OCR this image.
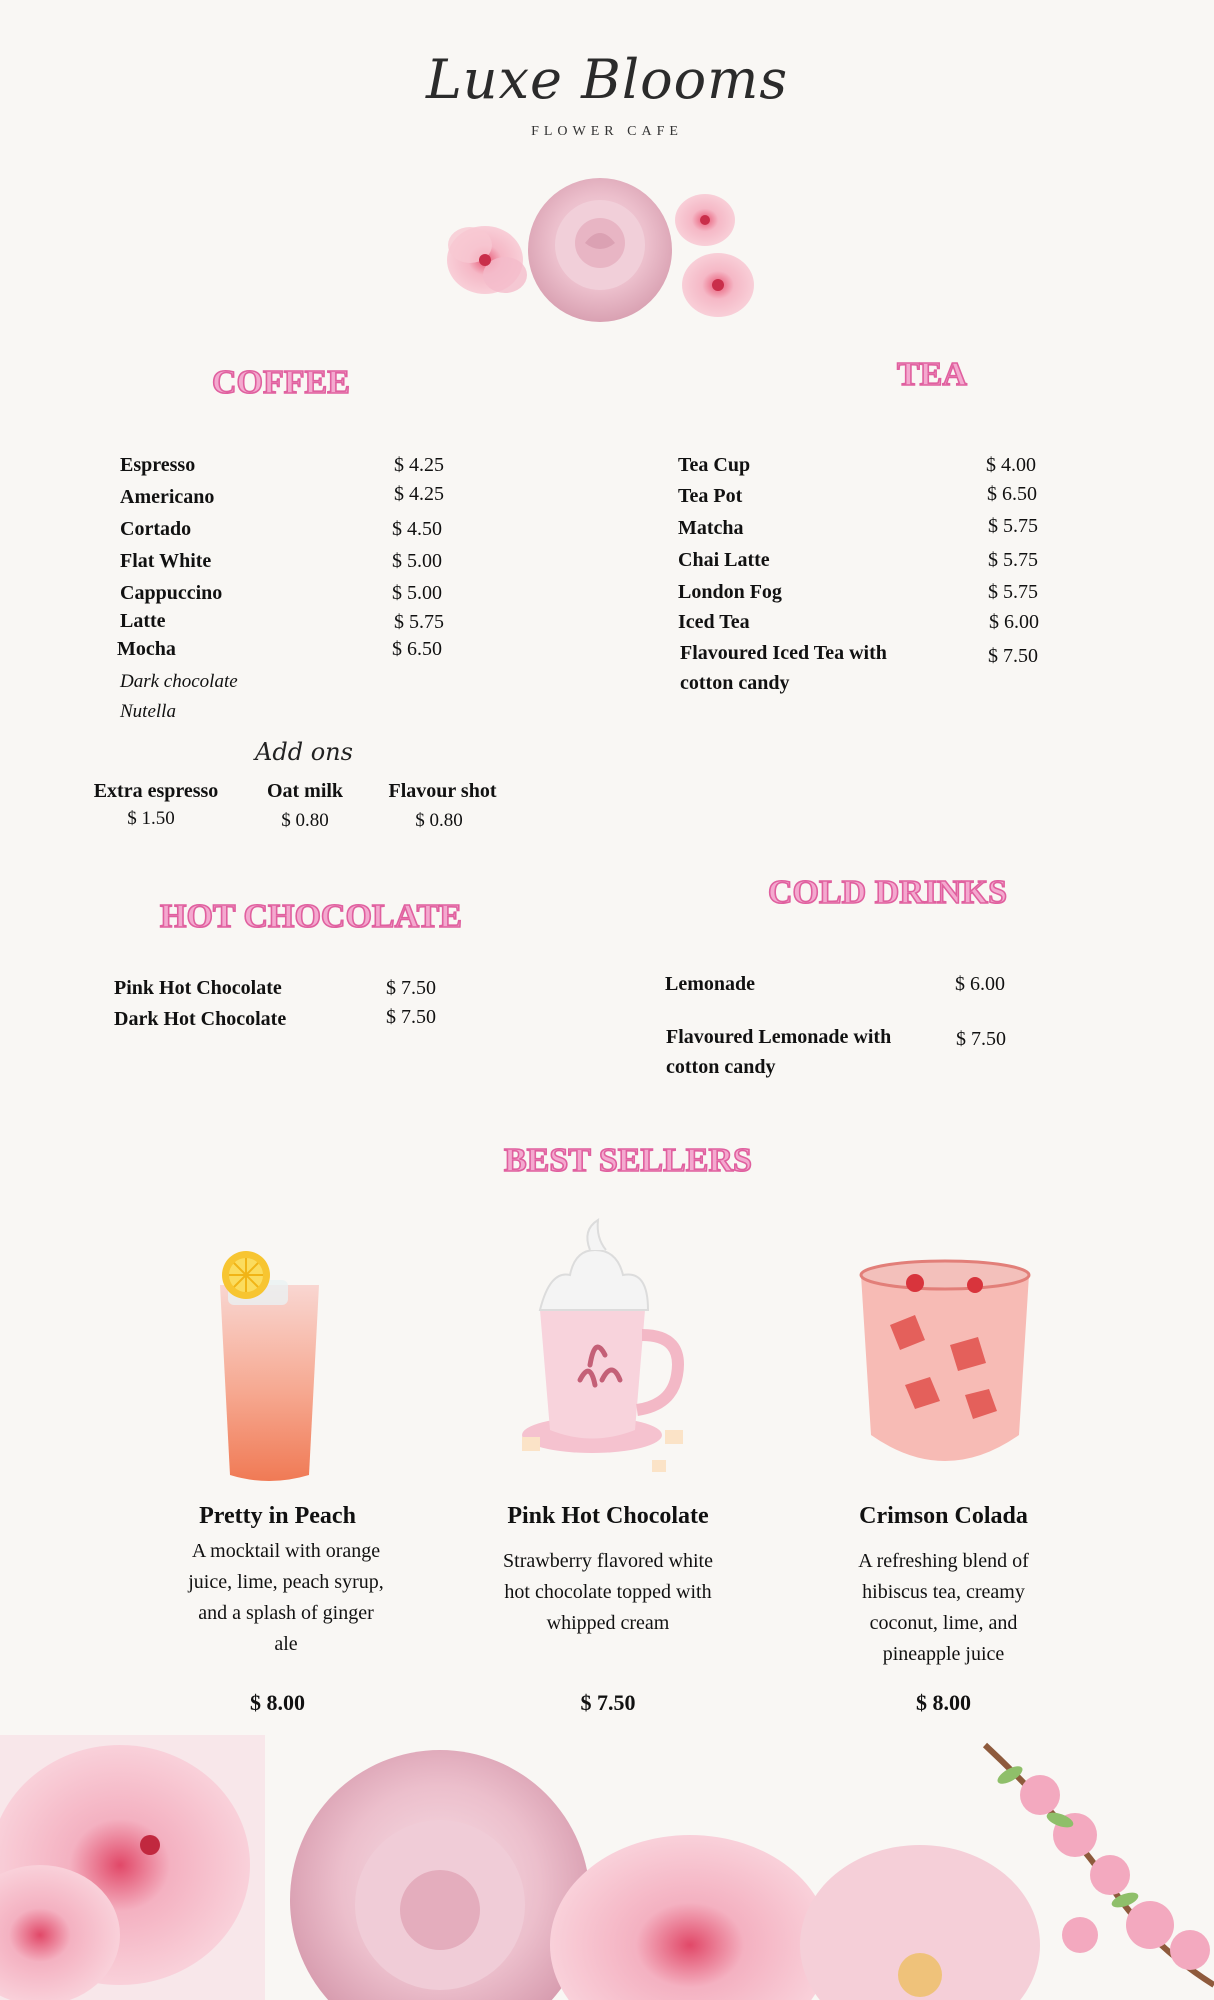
Luxe Blooms
FLOWER CAFE
COFFEE
Espresso	$ 4.25
Americano	$ 4.25
Cortado	$ 4.50
Flat White	$ 5.00
Cappuccino	$ 5.00
Latte	$ 5.75
Mocha	$ 6.50
Dark chocolate
Nutella
Add ons
Extra espresso
$ 1.50
Oat milk
$ 0.80
Flavour shot
$ 0.80
TEA
Tea Cup	$ 4.00
Tea Pot	$ 6.50
Matcha	$ 5.75
Chai Latte	$ 5.75
London Fog	$ 5.75
Iced Tea	$ 6.00
Flavoured Iced Tea with cotton candy
$ 7.50
HOT CHOCOLATE
Pink Hot Chocolate	$ 7.50
Dark Hot Chocolate	$ 7.50
COLD DRINKS
Lemonade	$ 6.00
Flavoured Lemonade with cotton candy
$ 7.50
BEST SELLERS
Pretty in Peach
A mocktail with orange juice, lime, peach syrup, and a splash of ginger ale
$ 8.00
Pink Hot Chocolate
Strawberry flavored white hot chocolate topped with whipped cream
$ 7.50
Crimson Colada
A refreshing blend of hibiscus tea, creamy coconut, lime, and pineapple juice
$ 8.00
